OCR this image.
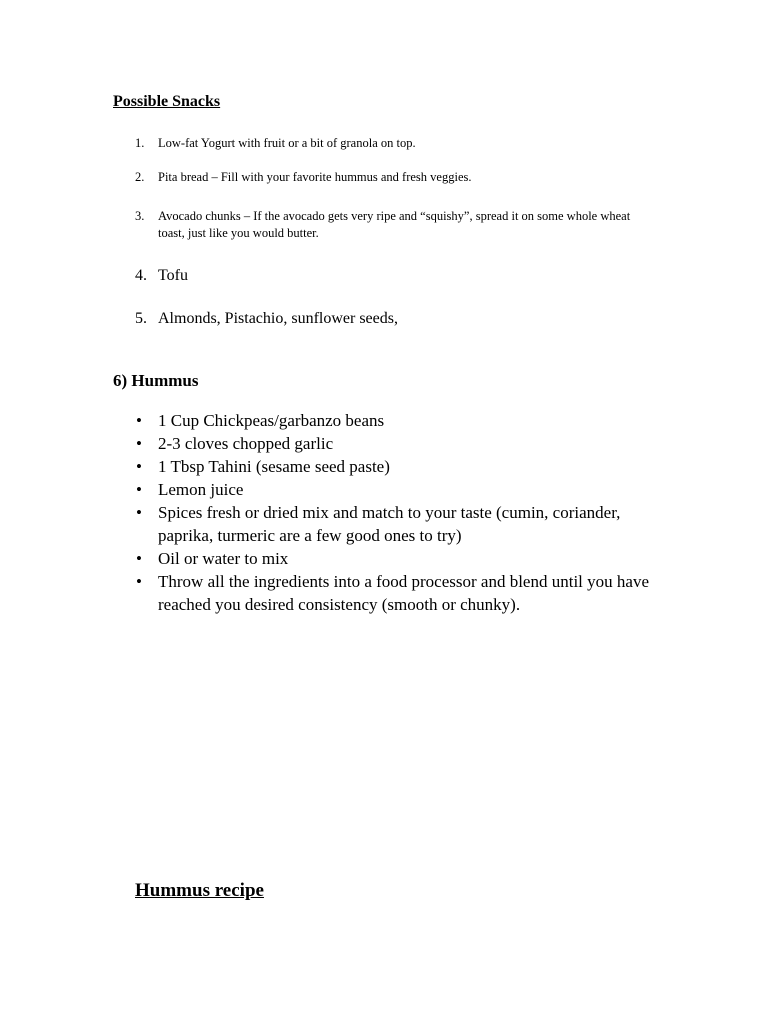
Possible Snacks
1. Low-fat Yogurt with fruit or a bit of granola on top.
2. Pita bread – Fill with your favorite hummus and fresh veggies.
3. Avocado chunks – If the avocado gets very ripe and “squishy”, spread it on some whole wheat toast, just like you would butter.
4. Tofu
5. Almonds, Pistachio, sunflower seeds,
6) Hummus
• 1 Cup Chickpeas/garbanzo beans
• 2-3 cloves chopped garlic
• 1 Tbsp Tahini (sesame seed paste)
• Lemon juice
• Spices fresh or dried mix and match to your taste (cumin, coriander, paprika, turmeric are a few good ones to try)
• Oil or water to mix
• Throw all the ingredients into a food processor and blend until you have reached you desired consistency (smooth or chunky).
Hummus recipe
